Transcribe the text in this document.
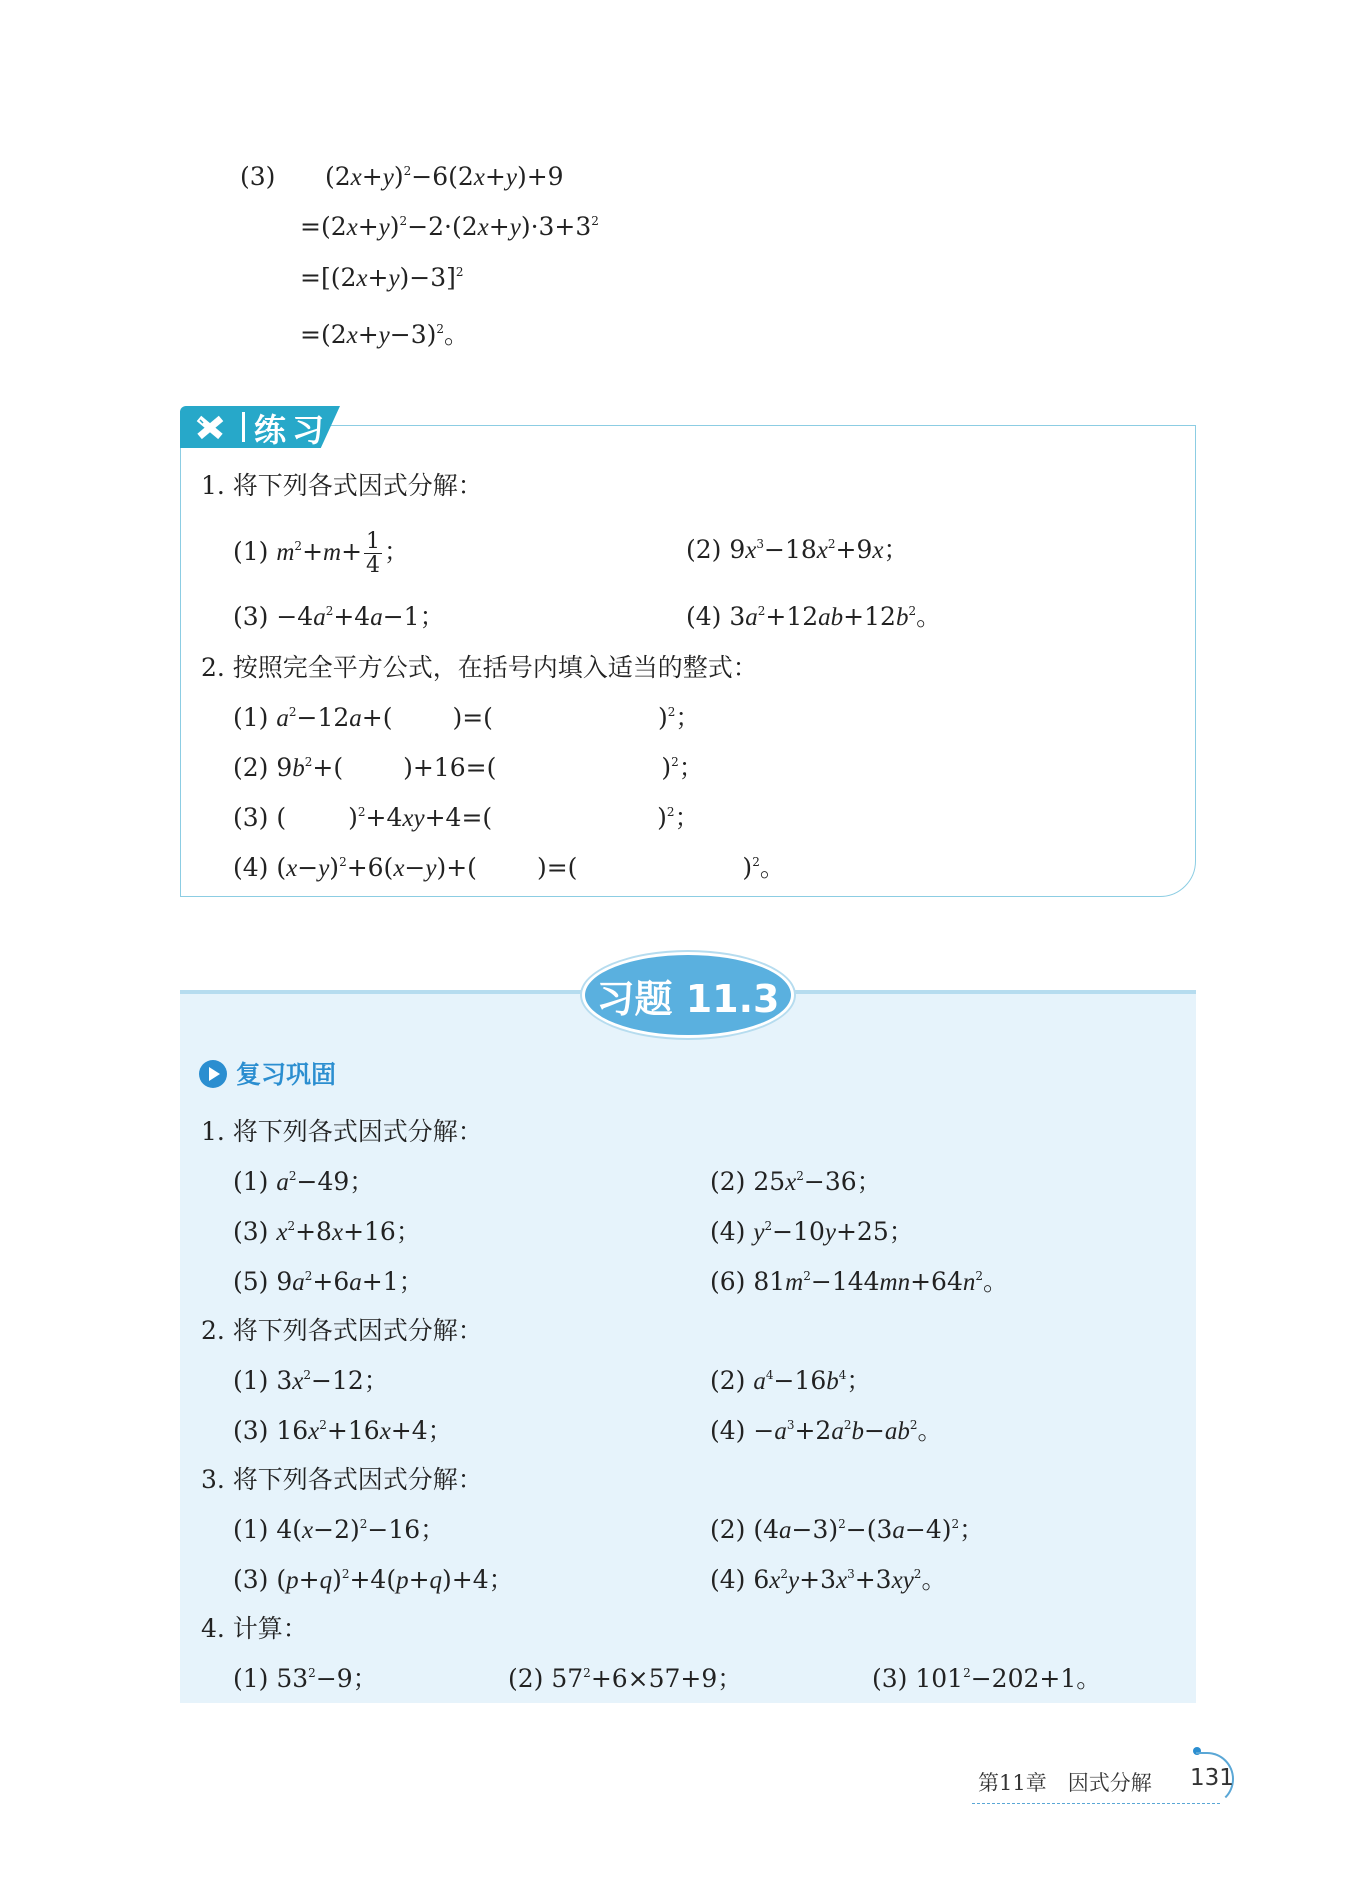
(3) $(2x+y)^2-6(2x+y)+9$
$=(2x+y)^2-2\cdot(2x+y)\cdot 3+3^2$
$=[(2x+y)-3]^2$
$=(2x+y-3)^2$。
练习
1. 将下列各式因式分解：
(1) $m^2+m+ \frac{1}{4}$ ；	(2) $9x^3-18x^2+9x$；
$(3) -4a^2+4a-1$；	(4) $3a^2+12ab+12b^2$。
2. 按照完全平方公式，在括号内填入适当的整式：
(1) $a^2-12a+$( )=(	)$^2$；
(2) $9b^2+$( )+16=(	)$^2$；
(3) ( )$^2$+4xy+4=(	)$^2$；
(4) $(x-y)^2+6(x-y)+$( )=(	)$^2$。
习题 11.3
复习巩固
1. 将下列各式因式分解：
(1) $a^2-49$；	(2) $25x^2-36$；
(3) $x^2+8x+16$；	(4) $y^2-10y+25$；
(5) $9a^2+6a+1$；	(6) $81m^2-144mn+64n^2$。
2. 将下列各式因式分解：
(1) $3x^2-12$；	(2) $a^4-16b^4$；
(3) $16x^2+16x+4$；	$(4) -a^3+2a^2b-ab^2$。
3. 将下列各式因式分解：
(1) $4(x-2)^2-16$；	(2) $(4a-3)^2-(3a-4)^2$；
(3) $(p+q)^2+4(p+q)+4$；	(4) $6x^2y+3x^3+3xy^2$。
4. 计算：
(1) $53^2-9$；	(2) $57^2+6\times 57+9$；	(3) $101^2-202+1$。
第11章　因式分解 131
